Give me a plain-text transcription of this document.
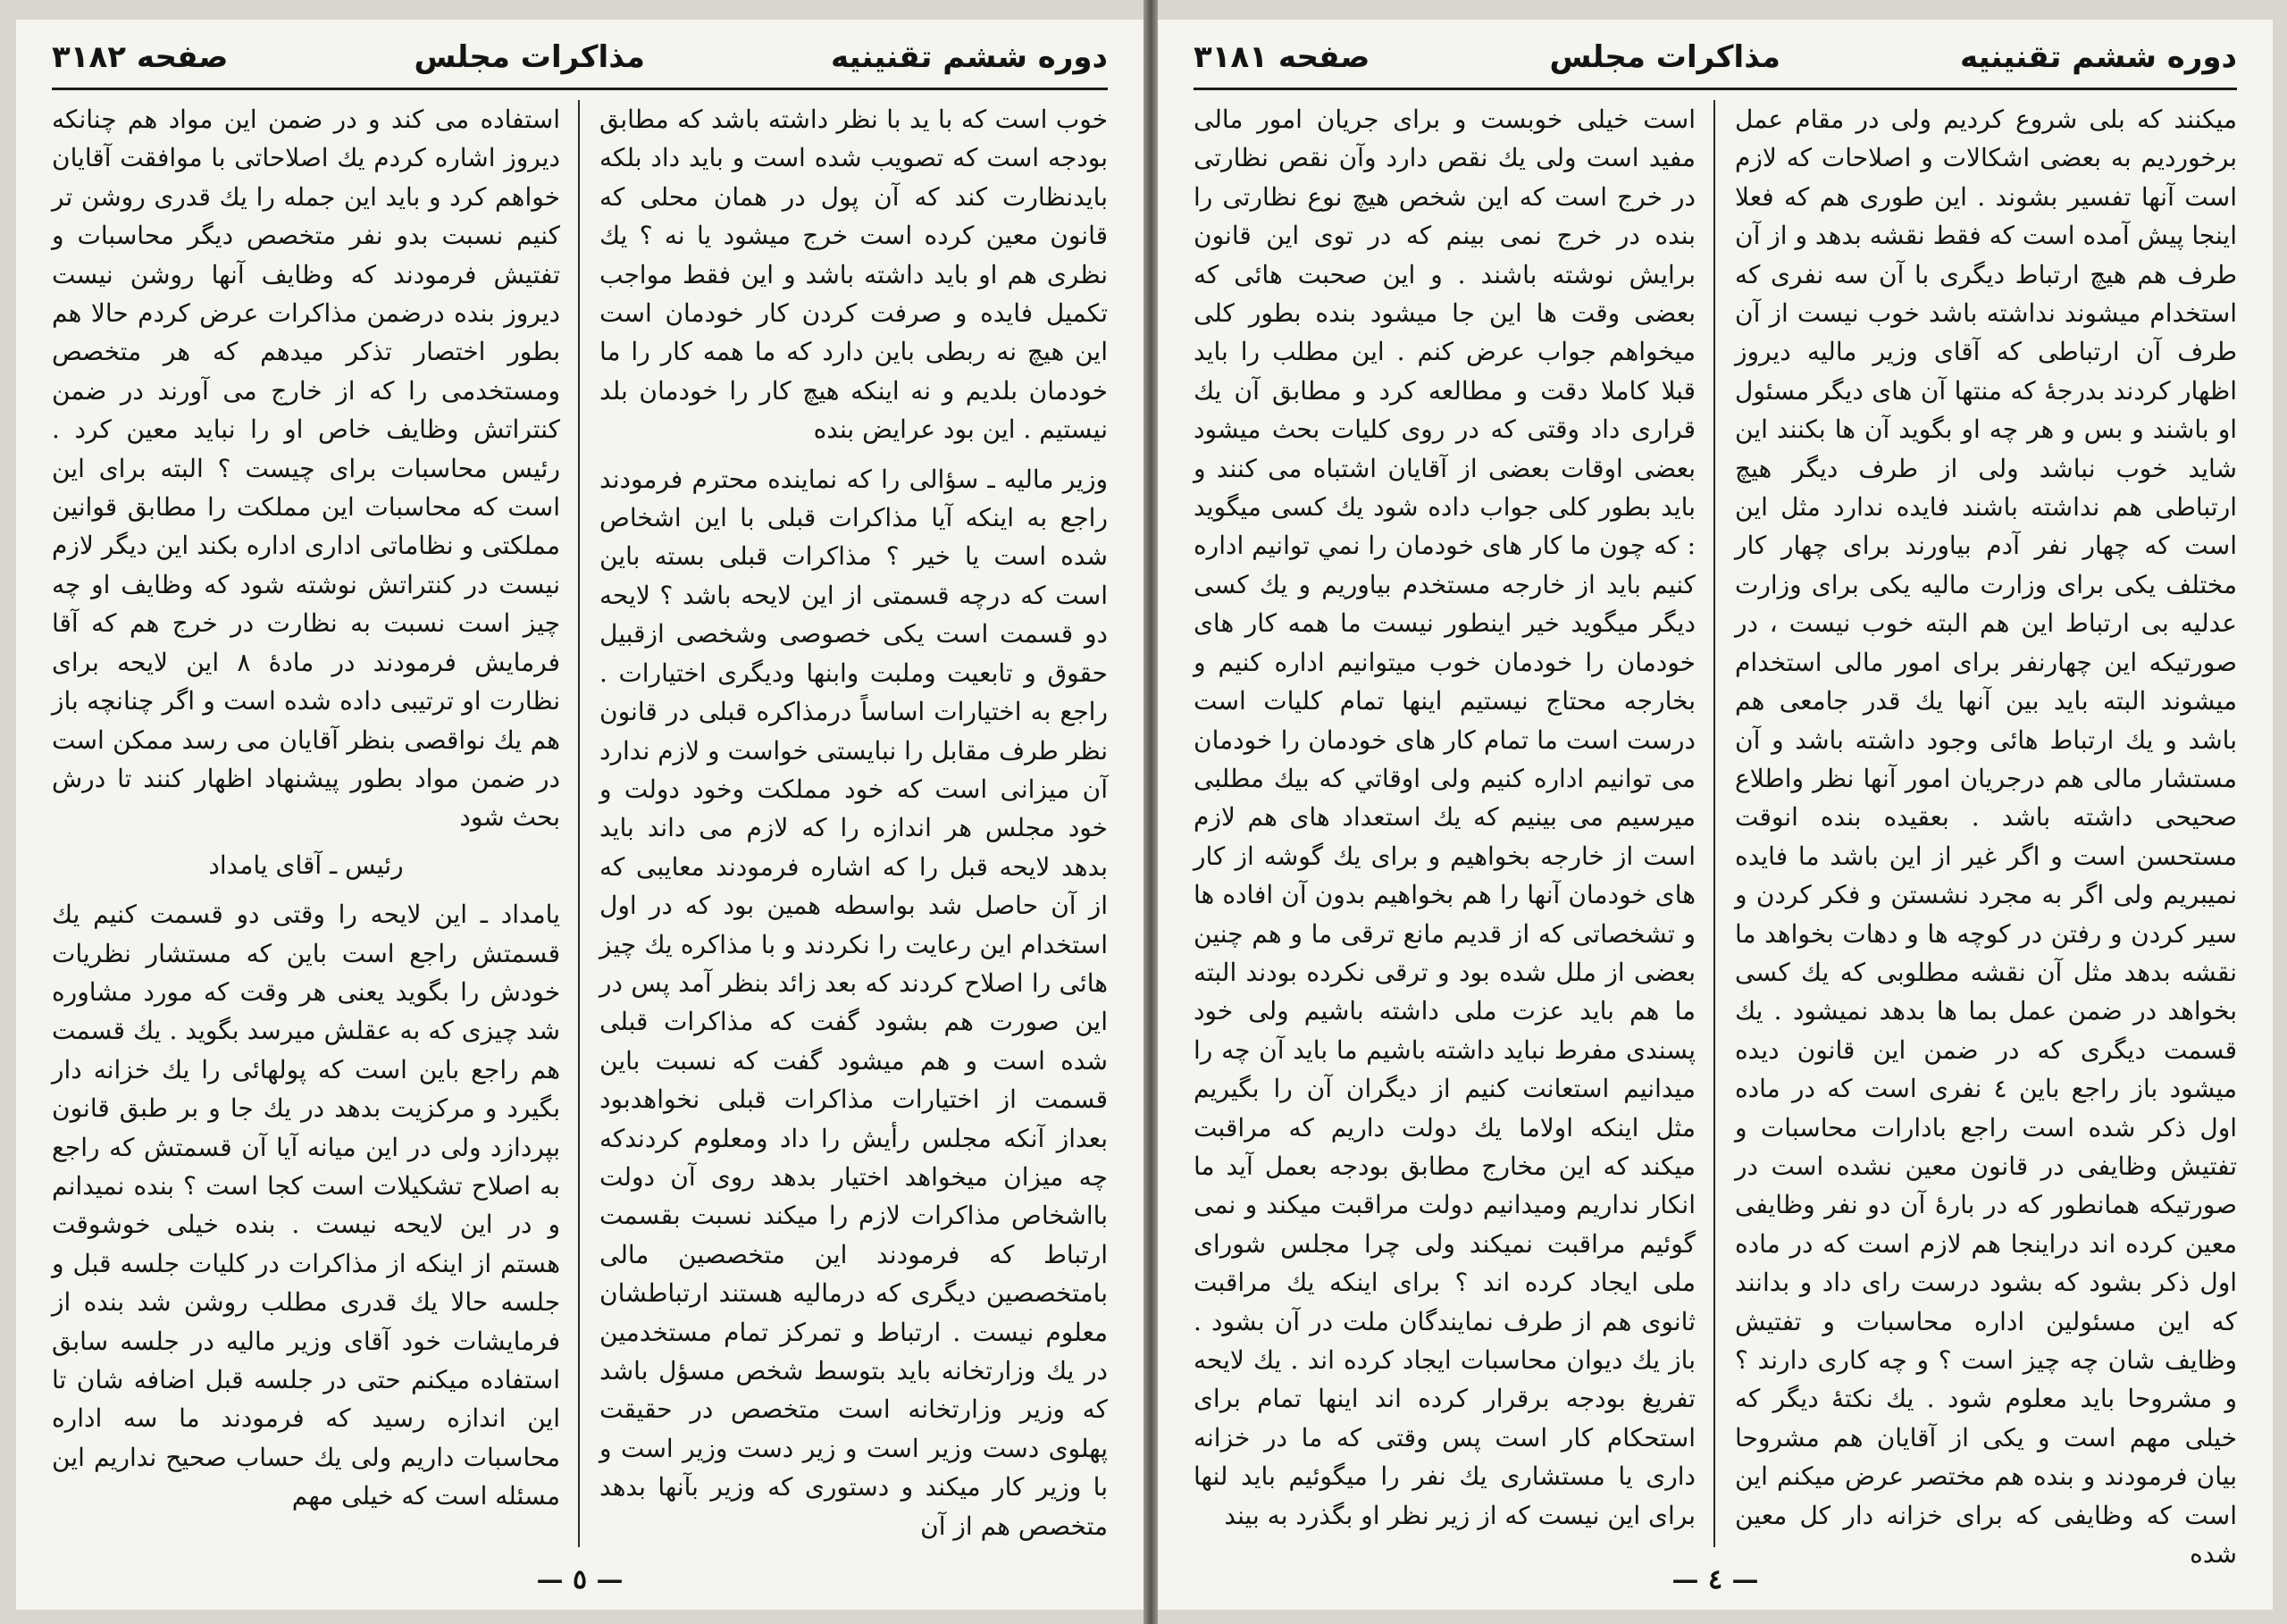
دوره ششم تقنينيه
مذاكرات مجلس
صفحه ٣١٨٢

خوب است كه با يد با نظر داشته باشد كه مطابق بودجه است كه تصويب شده است و بايد داد بلكه بايدنظارت كند كه آن پول در همان محلى كه قانون معين كرده است خرج ميشود يا نه ؟ يك نظرى هم او بايد داشته باشد و اين فقط مواجب تكميل فايده و صرفت كردن كار خودمان است اين هيچ نه ربطى باين دارد كه ما همه كار را ما خودمان بلديم و نه اينكه هيچ كار را خودمان بلد نيستيم . اين بود عرايض بنده

وزير ماليه ـ سؤالى را كه نماينده محترم فرمودند راجع به اينكه آيا مذاكرات قبلى با اين اشخاص شده است يا خير ؟ مذاكرات قبلى بسته باين است كه درچه قسمتى از اين لايحه باشد ؟ لايحه دو قسمت است يكى خصوصى وشخصى ازقبيل حقوق و تابعيت وملبت وابنها وديگرى اختيارات . راجع به اختيارات اساساً درمذاكره قبلى در قانون نظر طرف مقابل را نبايستى خواست و لازم ندارد آن ميزانى است كه خود مملكت وخود دولت و خود مجلس هر اندازه را كه لازم مى داند بايد بدهد لايحه قبل را كه اشاره فرمودند معايبى كه از آن حاصل شد بواسطه همين بود كه در اول استخدام اين رعايت را نكردند و با مذاكره يك چيز هائى را اصلاح كردند كه بعد زائد بنظر آمد پس در اين صورت هم بشود گفت كه مذاكرات قبلى شده است و هم ميشود گفت كه نسبت باين قسمت از اختيارات مذاكرات قبلى نخواهدبود بعداز آنكه مجلس رأيش را داد ومعلوم كردندكه چه ميزان ميخواهد اختيار بدهد روى آن دولت بااشخاص مذاكرات لازم را ميكند نسبت بقسمت ارتباط كه فرمودند اين متخصصين مالى بامتخصصين ديگرى كه درماليه هستند ارتباطشان معلوم نيست . ارتباط و تمركز تمام مستخدمين در يك وزارتخانه بايد بتوسط شخص مسؤل باشد كه وزير وزارتخانه است متخصص در حقيقت پهلوى دست وزير است و زير دست وزير است و با وزير كار ميكند و دستورى كه وزير بآنها بدهد متخصص هم از آن

استفاده مى كند و در ضمن اين مواد هم چنانكه ديروز اشاره كردم يك اصلاحاتى با موافقت آقايان خواهم كرد و بايد اين جمله را يك قدرى روشن تر كنيم نسبت بدو نفر متخصص ديگر محاسبات و تفتيش فرمودند كه وظايف آنها روشن نيست ديروز بنده درضمن مذاكرات عرض كردم حالا هم بطور اختصار تذكر ميدهم كه هر متخصص ومستخدمى را كه از خارج مى آورند در ضمن كنتراتش وظايف خاص او را نبايد معين كرد . رئيس محاسبات براى چيست ؟ البته براى اين است كه محاسبات اين مملكت را مطابق قوانين مملكتى و نظاماتى ادارى اداره بكند اين ديگر لازم نيست در كنتراتش نوشته شود كه وظايف او چه چيز است نسبت به نظارت در خرج هم كه آقا فرمايش فرمودند در مادهٔ ٨ اين لايحه براى نظارت او ترتيبى داده شده است و اگر چنانچه باز هم يك نواقصى بنظر آقايان مى رسد ممكن است در ضمن مواد بطور پيشنهاد اظهار كنند تا درش بحث شود

رئيس ـ آقاى يامداد

يامداد ـ اين لايحه را وقتى دو قسمت كنيم يك قسمتش راجع است باين كه مستشار نظريات خودش را بگويد يعنى هر وقت كه مورد مشاوره شد چيزى كه به عقلش ميرسد بگويد . يك قسمت هم راجع باين است كه پولهائى را يك خزانه دار بگيرد و مركزيت بدهد در يك جا و بر طبق قانون بپردازد ولى در اين ميانه آيا آن قسمتش كه راجع به اصلاح تشكيلات است كجا است ؟ بنده نميدانم و در اين لايحه نيست . بنده خيلى خوشوقت هستم از اينكه از مذاكرات در كليات جلسه قبل و جلسه حالا يك قدرى مطلب روشن شد بنده از فرمايشات خود آقاى وزير ماليه در جلسه سابق استفاده ميكنم حتى در جلسه قبل اضافه شان تا اين اندازه رسيد كه فرمودند ما سه اداره محاسبات داريم ولى يك حساب صحيح نداريم اين مسئله است كه خيلى مهم

— ٥ —
دوره ششم تقنينيه
مذاكرات مجلس
صفحه ٣١٨١

ميكنند كه بلى شروع كرديم ولى در مقام عمل برخورديم به بعضى اشكالات و اصلاحات كه لازم است آنها تفسير بشوند . اين طورى هم كه فعلا اينجا پيش آمده است كه فقط نقشه بدهد و از آن طرف هم هيچ ارتباط ديگرى با آن سه نفرى كه استخدام ميشوند نداشته باشد خوب نيست از آن طرف آن ارتباطى كه آقاى وزير ماليه ديروز اظهار كردند بدرجهٔ كه منتها آن هاى ديگر مسئول او باشند و بس و هر چه او بگويد آن ها بكنند اين شايد خوب نباشد ولى از طرف ديگر هيچ ارتباطى هم نداشته باشند فايده ندارد مثل اين است كه چهار نفر آدم بياورند براى چهار كار مختلف يكى براى وزارت ماليه يكى براى وزارت عدليه بى ارتباط اين هم البته خوب نيست ، در صورتيكه اين چهارنفر براى امور مالى استخدام ميشوند البته بايد بين آنها يك قدر جامعى هم باشد و يك ارتباط هائى وجود داشته باشد و آن مستشار مالى هم درجريان امور آنها نظر واطلاع صحيحى داشته باشد . بعقيده بنده انوقت مستحسن است و اگر غير از اين باشد ما فايده نميبريم ولى اگر به مجرد نشستن و فكر كردن و سير كردن و رفتن در كوچه ها و دهات بخواهد ما نقشه بدهد مثل آن نقشه مطلوبى كه يك كسى بخواهد در ضمن عمل بما ها بدهد نميشود . يك قسمت ديگرى كه در ضمن اين قانون ديده ميشود باز راجع باين ٤ نفرى است كه در ماده اول ذكر شده است راجع بادارات محاسبات و تفتيش وظايفى در قانون معين نشده است در صورتيكه همانطور كه در بارهٔ آن دو نفر وظايفى معين كرده اند دراينجا هم لازم است كه در ماده اول ذكر بشود كه بشود درست راى داد و بدانند كه اين مسئولين اداره محاسبات و تفتيش وظايف شان چه چيز است ؟ و چه كارى دارند ؟ و مشروحا بايد معلوم شود . يك نكتهٔ ديگر كه خيلى مهم است و يكى از آقايان هم مشروحا بيان فرمودند و بنده هم مختصر عرض ميكنم اين است كه وظايفى كه براى خزانه دار كل معين شده

است خيلى خوبست و براى جريان امور مالى مفيد است ولى يك نقص دارد وآن نقص نظارتى در خرج است كه اين شخص هيچ نوع نظارتى را بنده در خرج نمى بينم كه در توى اين قانون برايش نوشته باشند . و اين صحبت هائى كه بعضى وقت ها اين جا ميشود بنده بطور كلى ميخواهم جواب عرض كنم . اين مطلب را بايد قبلا كاملا دقت و مطالعه كرد و مطابق آن يك قرارى داد وقتى كه در روى كليات بحث ميشود بعضى اوقات بعضى از آقايان اشتباه مى كنند و بايد بطور كلى جواب داده شود يك كسى ميگويد : كه چون ما كار هاى خودمان را نمي توانيم اداره كنيم بايد از خارجه مستخدم بياوريم و يك كسى ديگر ميگويد خير اينطور نيست ما همه كار هاى خودمان را خودمان خوب ميتوانيم اداره كنيم و بخارجه محتاج نيستيم اينها تمام كليات است درست است ما تمام كار هاى خودمان را خودمان مى توانيم اداره كنيم ولى اوقاتي كه بيك مطلبى ميرسيم مى بينيم كه يك استعداد هاى هم لازم است از خارجه بخواهيم و براى يك گوشه از كار هاى خودمان آنها را هم بخواهيم بدون آن افاده ها و تشخصاتى كه از قديم مانع ترقى ما و هم چنين بعضى از ملل شده بود و ترقى نكرده بودند البته ما هم بايد عزت ملى داشته باشيم ولى خود پسندى مفرط نبايد داشته باشيم ما بايد آن چه را ميدانيم استعانت كنيم از ديگران آن را بگيريم مثل اينكه اولاما يك دولت داريم كه مراقبت ميكند كه اين مخارج مطابق بودجه بعمل آيد ما انكار نداريم وميدانيم دولت مراقبت ميكند و نمى گوئيم مراقبت نميكند ولى چرا مجلس شوراى ملى ايجاد كرده اند ؟ براى اينكه يك مراقبت ثانوى هم از طرف نمايندگان ملت در آن بشود . باز يك ديوان محاسبات ايجاد كرده اند . يك لايحه تفريغ بودجه برقرار كرده اند اينها تمام براى استحكام كار است پس وقتى كه ما در خزانه دارى يا مستشارى يك نفر را ميگوئيم بايد لنها براى اين نيست كه از زير نظر او بگذرد به بيند

— ٤ —
